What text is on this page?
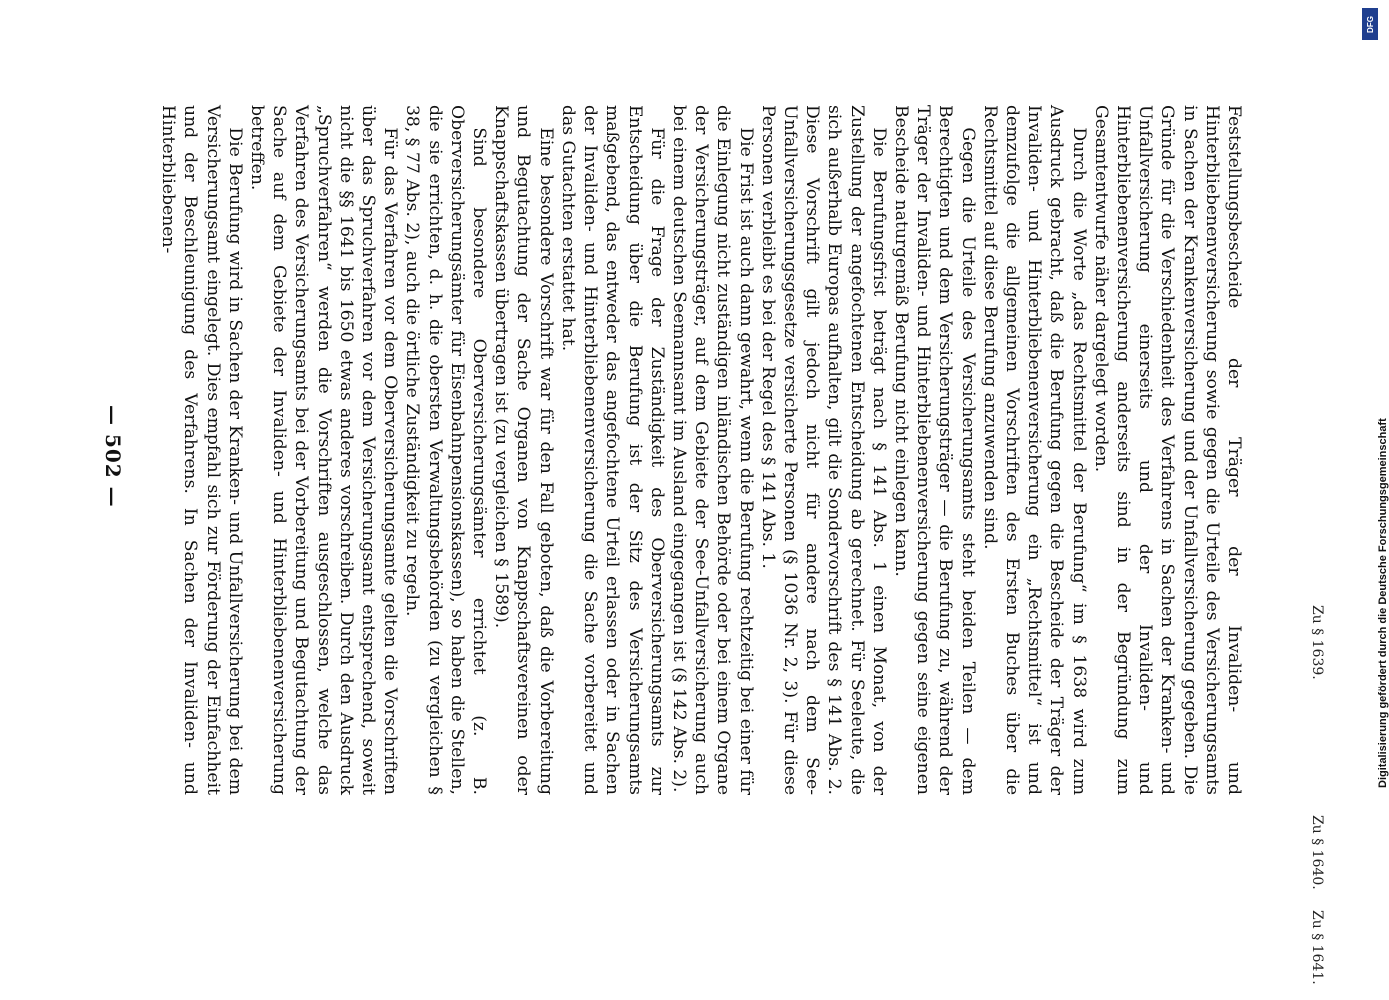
— 502 —	Feststellungsbescheide der Träger der Invaliden- und Hinterbliebenenversicherung sowie gegen die Urteile des Versicherungsamts in Sachen der Krankenversicherung und der Unfallversicherung gegeben. Die Gründe für die Verschiedenheit des Verfahrens in Sachen der Kranken- und Unfallversicherung einerseits und der Invaliden- und Hinterbliebenenversicherung anderseits sind in der Begründung zum Gesamtentwurfe näher dargelegt worden.

Durch die Worte „das Rechtsmittel der Berufung“ im § 1638 wird zum Ausdruck gebracht, daß die Berufung gegen die Bescheide der Träger der Invaliden- und Hinterbliebenenversicherung ein „Rechtsmittel“ ist und demzufolge die allgemeinen Vorschriften des Ersten Buches über die Rechtsmittel auf diese Berufung anzuwenden sind.

Gegen die Urteile des Versicherungsamts steht beiden Teilen — dem Berechtigten und dem Versicherungsträger — die Berufung zu, während der Träger der Invaliden- und Hinterbliebenenversicherung gegen seine eigenen Bescheide naturgemäß Berufung nicht einlegen kann.

Die Berufungsfrist beträgt nach § 141 Abs. 1 einen Monat, von der Zustellung der angefochtenen Entscheidung ab gerechnet. Für Seeleute, die sich außerhalb Europas aufhalten, gilt die Sondervorschrift des § 141 Abs. 2. Diese Vorschrift gilt jedoch nicht für andere nach dem See-Unfallversicherungsgesetze versicherte Personen (§ 1036 Nr. 2, 3). Für diese Personen verbleibt es bei der Regel des § 141 Abs. 1.

Die Frist ist auch dann gewahrt, wenn die Berufung rechtzeitig bei einer für die Einlegung nicht zuständigen inländischen Behörde oder bei einem Organe der Versicherungsträger, auf dem Gebiete der See-Unfallversicherung auch bei einem deutschen Seemannsamt im Ausland eingegangen ist (§ 142 Abs. 2).

Für die Frage der Zuständigkeit des Oberversicherungsamts zur Entscheidung über die Berufung ist der Sitz des Versicherungsamts maßgebend, das entweder das angefochtene Urteil erlassen oder in Sachen der Invaliden- und Hinterbliebenenversicherung die Sache vorbereitet und das Gutachten erstattet hat.

Eine besondere Vorschrift war für den Fall geboten, daß die Vorbereitung und Begutachtung der Sache Organen von Knappschaftsvereinen oder Knappschaftskassen übertragen ist (zu vergleichen § 1589).

Sind besondere Oberversicherungsämter errichtet (z. B. Oberversicherungsämter für Eisenbahnpensionskassen), so haben die Stellen, die sie errichten, d. h. die obersten Verwaltungsbehörden (zu vergleichen § 38, § 77 Abs. 2), auch die örtliche Zuständigkeit zu regeln.

Für das Verfahren vor dem Oberversicherungsamte gelten die Vorschriften über das Spruchverfahren vor dem Versicherungsamt entsprechend, soweit nicht die §§ 1641 bis 1650 etwas anderes vorschreiben. Durch den Ausdruck „Spruchverfahren“ werden die Vorschriften ausgeschlossen, welche das Verfahren des Versicherungsamts bei der Vorbereitung und Begutachtung der Sache auf dem Gebiete der Invaliden- und Hinterbliebenenversicherung betreffen.

Die Berufung wird in Sachen der Kranken- und Unfallversicherung bei dem Versicherungsamt eingelegt. Dies empfahl sich zur Förderung der Einfachheit und der Beschleunigung des Verfahrens. In Sachen der Invaliden- und Hinterbliebenen-

Zu § 1639.
Zu § 1640.
Zu § 1641.
DFG
Digitalisierung gefördert durch die Deutsche Forschungsgemeinschaft
